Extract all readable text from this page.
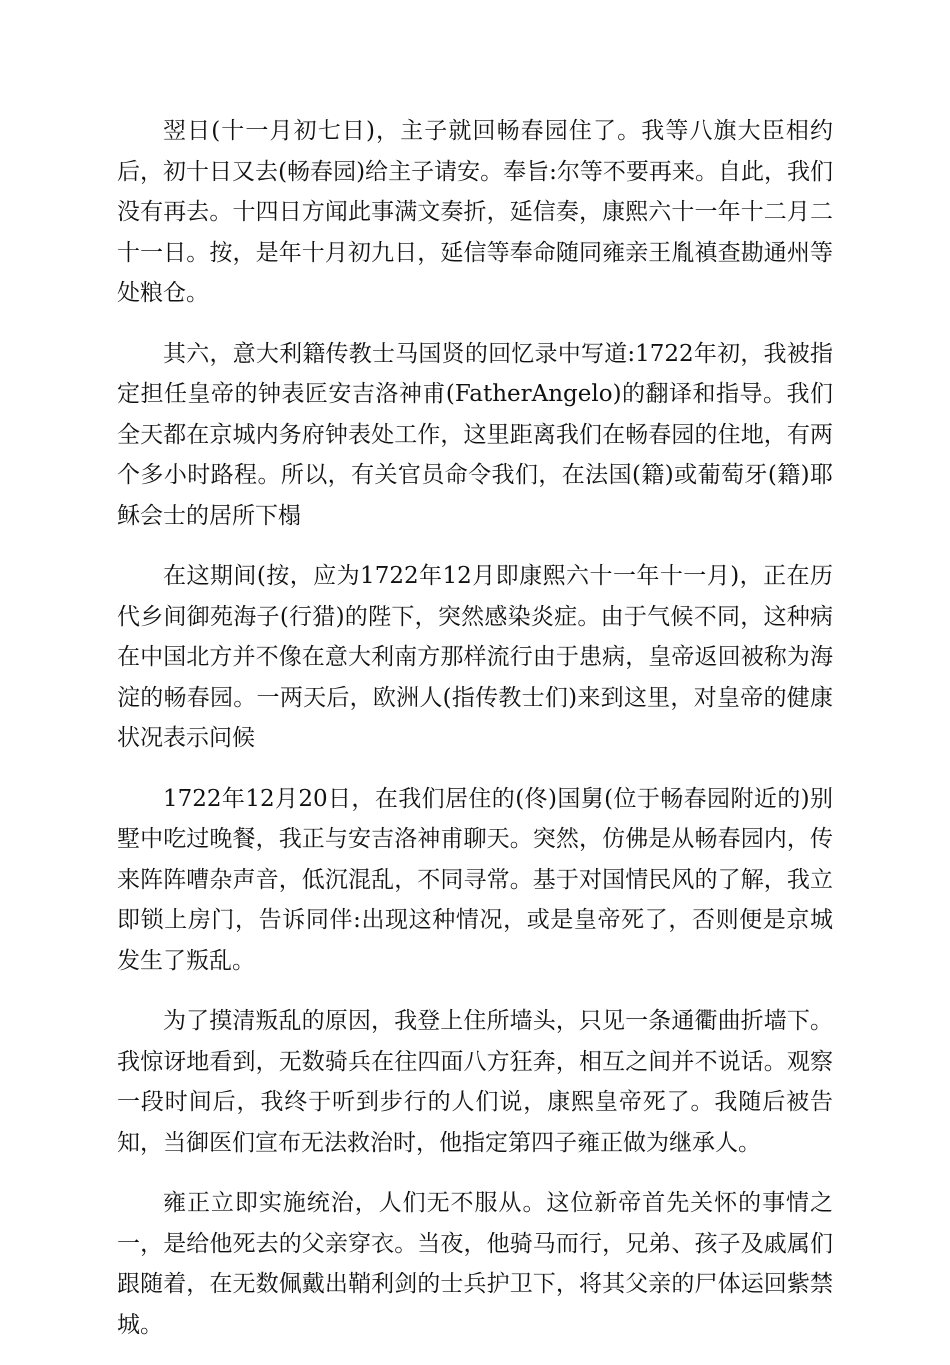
翌日(十一月初七日)，主子就回畅春园住了。我等八旗大臣相约后，初十日又去(畅春园)给主子请安。奉旨:尔等不要再来。自此，我们没有再去。十四日方闻此事满文奏折，延信奏，康熙六十一年十二月二十一日。按，是年十月初九日，延信等奉命随同雍亲王胤禛查勘通州等处粮仓。

其六，意大利籍传教士马国贤的回忆录中写道:1722年初，我被指定担任皇帝的钟表匠安吉洛神甫(FatherAngelo)的翻译和指导。我们全天都在京城内务府钟表处工作，这里距离我们在畅春园的住地，有两个多小时路程。所以，有关官员命令我们，在法国(籍)或葡萄牙(籍)耶稣会士的居所下榻

在这期间(按，应为1722年12月即康熙六十一年十一月)，正在历代乡间御苑海子(行猎)的陛下，突然感染炎症。由于气候不同，这种病在中国北方并不像在意大利南方那样流行由于患病，皇帝返回被称为海淀的畅春园。一两天后，欧洲人(指传教士们)来到这里，对皇帝的健康状况表示问候

1722年12月20日，在我们居住的(佟)国舅(位于畅春园附近的)别墅中吃过晚餐，我正与安吉洛神甫聊天。突然，仿佛是从畅春园内，传来阵阵嘈杂声音，低沉混乱，不同寻常。基于对国情民风的了解，我立即锁上房门，告诉同伴:出现这种情况，或是皇帝死了，否则便是京城发生了叛乱。

为了摸清叛乱的原因，我登上住所墙头，只见一条通衢曲折墙下。我惊讶地看到，无数骑兵在往四面八方狂奔，相互之间并不说话。观察一段时间后，我终于听到步行的人们说，康熙皇帝死了。我随后被告知，当御医们宣布无法救治时，他指定第四子雍正做为继承人。

雍正立即实施统治，人们无不服从。这位新帝首先关怀的事情之一，是给他死去的父亲穿衣。当夜，他骑马而行，兄弟、孩子及戚属们跟随着，在无数佩戴出鞘利剑的士兵护卫下，将其父亲的尸体运回紫禁城。
